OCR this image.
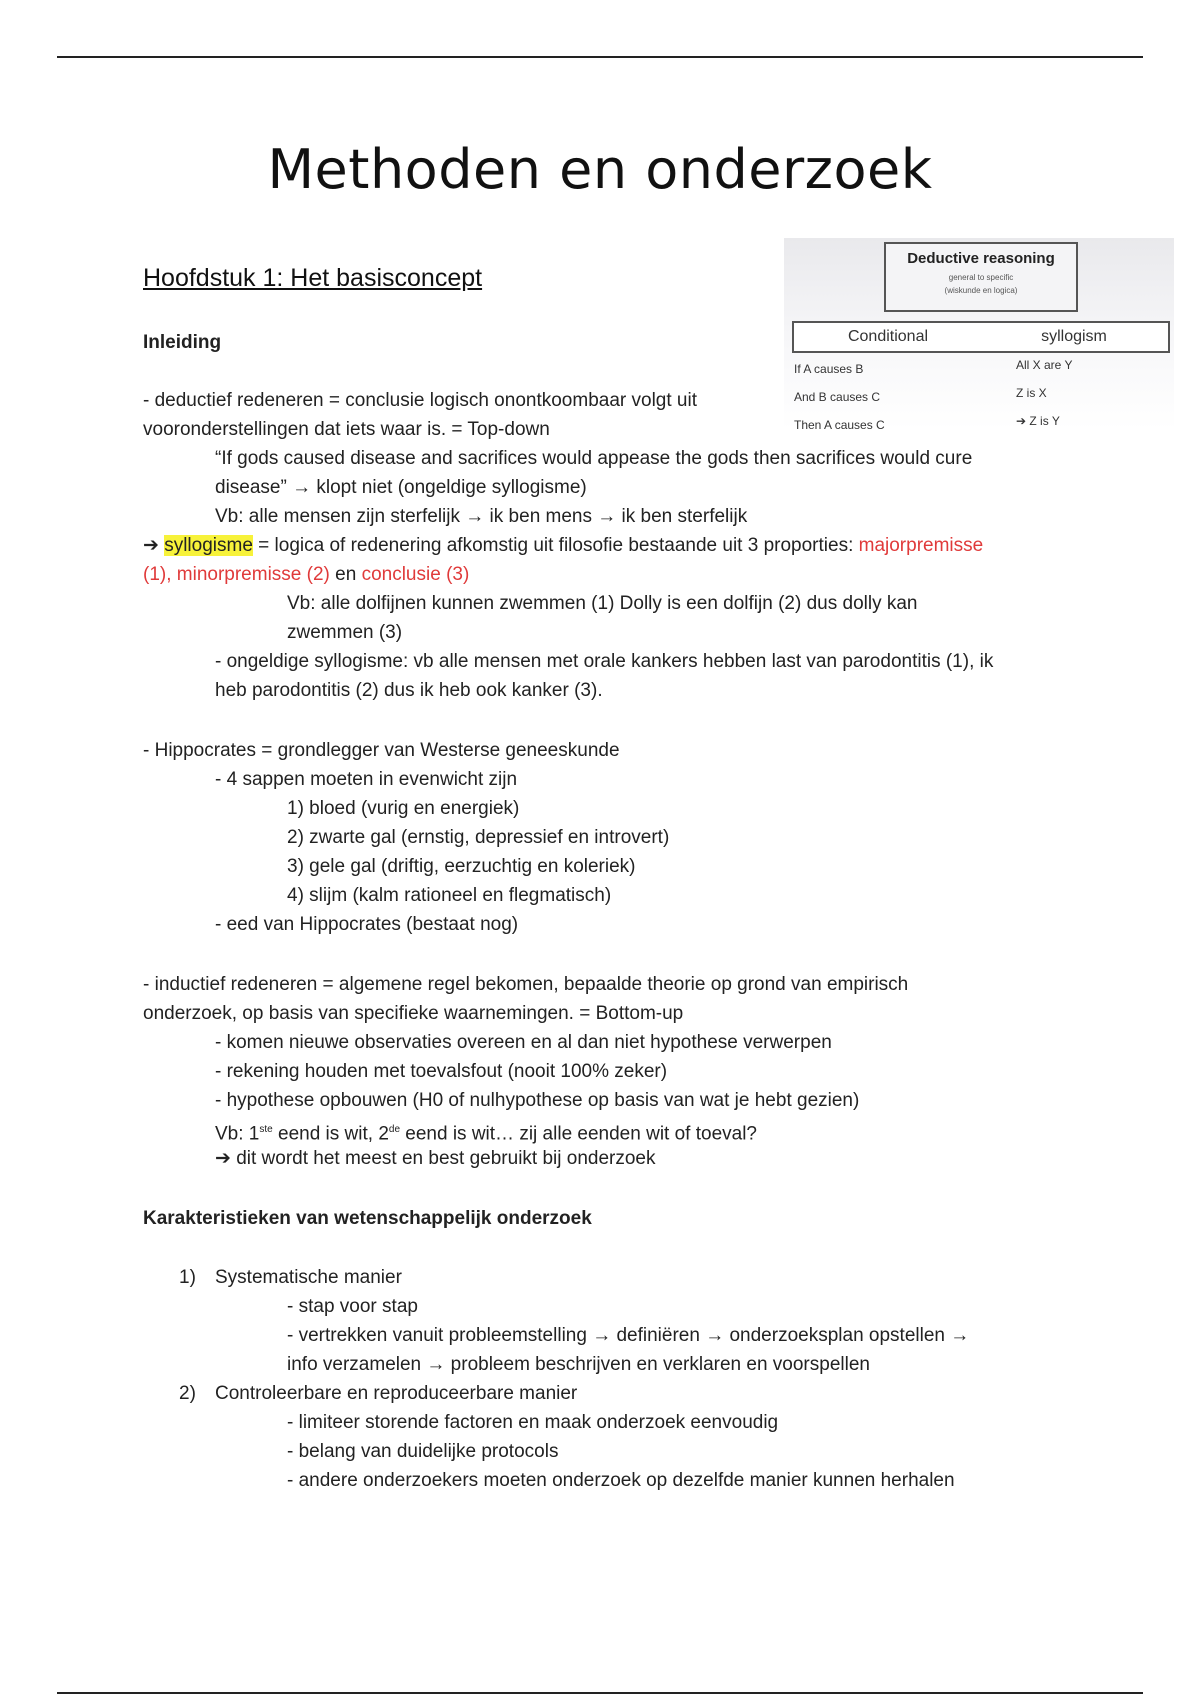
Methoden en onderzoek
Deductive reasoning
general to specific
(wiskunde en logica)
Conditional	syllogism
If A causes B
And B causes C
Then A causes C
All X are Y
Z is X
➔ Z is Y
Hoofdstuk 1: Het basisconcept
Inleiding
- deductief redeneren = conclusie logisch onontkoombaar volgt uit
vooronderstellingen dat iets waar is. = Top-down
“If gods caused disease and sacrifices would appease the gods then sacrifices would cure
disease” → klopt niet (ongeldige syllogisme)
Vb: alle mensen zijn sterfelijk → ik ben mens → ik ben sterfelijk
➔ syllogisme = logica of redenering afkomstig uit filosofie bestaande uit 3 proporties: majorpremisse
(1), minorpremisse (2) en conclusie (3)
Vb: alle dolfijnen kunnen zwemmen (1) Dolly is een dolfijn (2) dus dolly kan
zwemmen (3)
- ongeldige syllogisme: vb alle mensen met orale kankers hebben last van parodontitis (1), ik
heb parodontitis (2) dus ik heb ook kanker (3).
- Hippocrates = grondlegger van Westerse geneeskunde
- 4 sappen moeten in evenwicht zijn
1) bloed (vurig en energiek)
2) zwarte gal (ernstig, depressief en introvert)
3) gele gal (driftig, eerzuchtig en koleriek)
4) slijm (kalm rationeel en flegmatisch)
- eed van Hippocrates (bestaat nog)
- inductief redeneren = algemene regel bekomen, bepaalde theorie op grond van empirisch
onderzoek, op basis van specifieke waarnemingen. = Bottom-up
- komen nieuwe observaties overeen en al dan niet hypothese verwerpen
- rekening houden met toevalsfout (nooit 100% zeker)
- hypothese opbouwen (H0 of nulhypothese op basis van wat je hebt gezien)
Vb: 1ste eend is wit, 2de eend is wit… zij alle eenden wit of toeval?
➔ dit wordt het meest en best gebruikt bij onderzoek
Karakteristieken van wetenschappelijk onderzoek
1) Systematische manier
- stap voor stap
- vertrekken vanuit probleemstelling → definiëren → onderzoeksplan opstellen →
info verzamelen → probleem beschrijven en verklaren en voorspellen
2) Controleerbare en reproduceerbare manier
- limiteer storende factoren en maak onderzoek eenvoudig
- belang van duidelijke protocols
- andere onderzoekers moeten onderzoek op dezelfde manier kunnen herhalen
